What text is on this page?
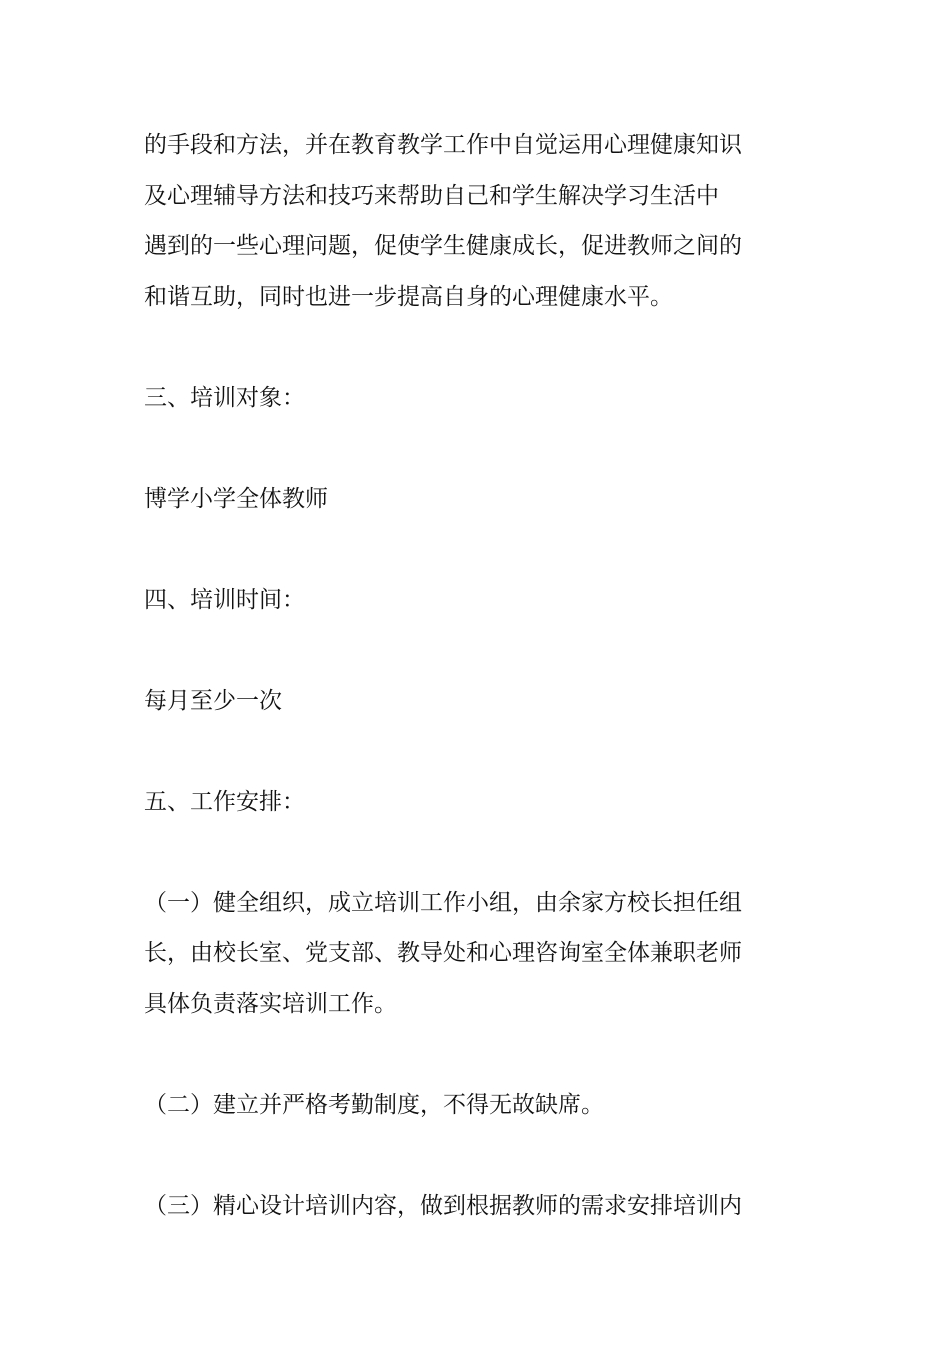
的手段和方法，并在教育教学工作中自觉运用心理健康知识
及心理辅导方法和技巧来帮助自己和学生解决学习生活中
遇到的一些心理问题，促使学生健康成长，促进教师之间的
和谐互助，同时也进一步提高自身的心理健康水平。
三、培训对象：
博学小学全体教师
四、培训时间：
每月至少一次
五、工作安排：
（一）健全组织，成立培训工作小组，由余家方校长担任组
长，由校长室、党支部、教导处和心理咨询室全体兼职老师
具体负责落实培训工作。
（二）建立并严格考勤制度，不得无故缺席。
（三）精心设计培训内容，做到根据教师的需求安排培训内
